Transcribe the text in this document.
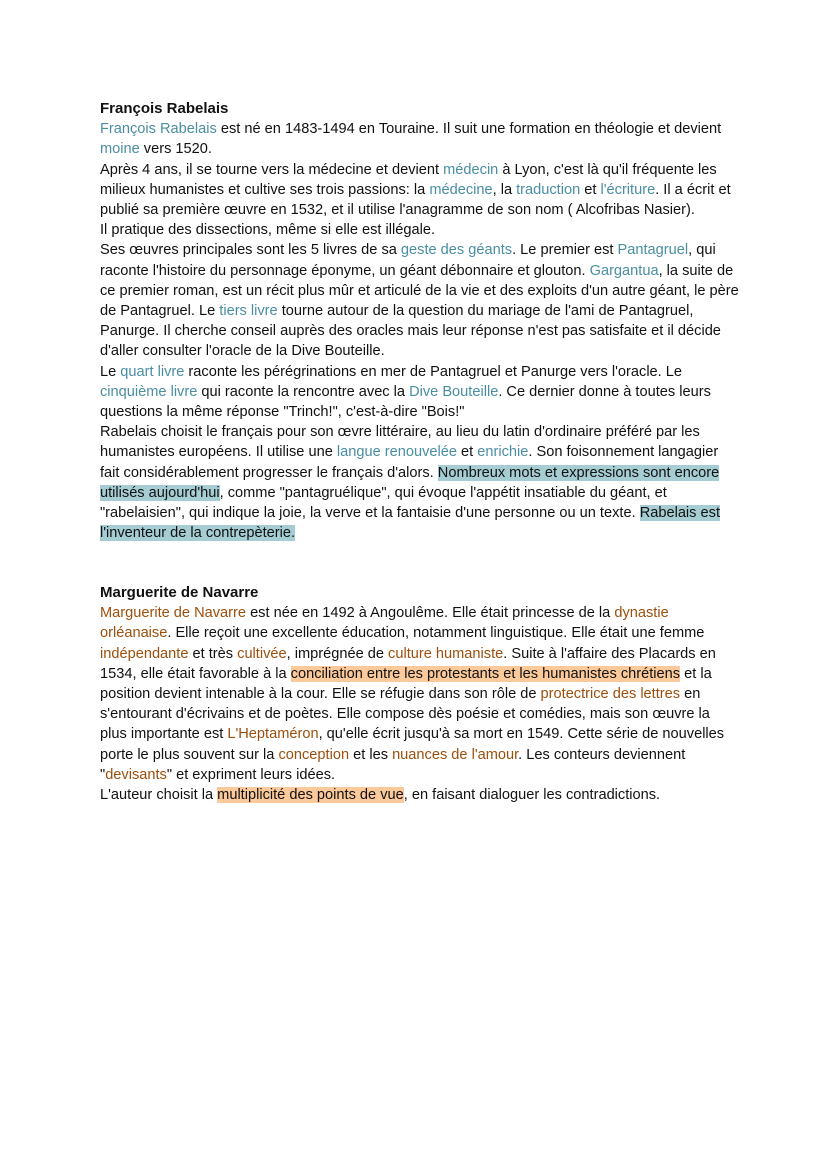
François Rabelais

François Rabelais est né en 1483-1494 en Touraine. Il suit une formation en théologie et devient moine vers 1520.

Après 4 ans, il se tourne vers la médecine et devient médecin à Lyon, c'est là qu'il fréquente les milieux humanistes et cultive ses trois passions: la médecine, la traduction et l'écriture. Il a écrit et publié sa première œuvre en 1532, et il utilise l'anagramme de son nom ( Alcofribas Nasier).

Il pratique des dissections, même si elle est illégale.

Ses œuvres principales sont les 5 livres de sa geste des géants. Le premier est Pantagruel, qui raconte l'histoire du personnage éponyme, un géant débonnaire et glouton. Gargantua, la suite de ce premier roman, est un récit plus mûr et articulé de la vie et des exploits d'un autre géant, le père de Pantagruel. Le tiers livre tourne autour de la question du mariage de l'ami de Pantagruel, Panurge. Il cherche conseil auprès des oracles mais leur réponse n'est pas satisfaite et il décide d'aller consulter l'oracle de la Dive Bouteille.

Le quart livre raconte les pérégrinations en mer de Pantagruel et Panurge vers l'oracle. Le cinquième livre qui raconte la rencontre avec la Dive Bouteille. Ce dernier donne à toutes leurs questions la même réponse "Trinch!", c'est-à-dire "Bois!"

Rabelais choisit le français pour son œvre littéraire, au lieu du latin d'ordinaire préféré par les humanistes européens. Il utilise une langue renouvelée et enrichie. Son foisonnement langagier fait considérablement progresser le français d'alors. Nombreux mots et expressions sont encore utilisés aujourd'hui, comme "pantagruélique", qui évoque l'appétit insatiable du géant, et "rabelaisien", qui indique la joie, la verve et la fantaisie d'une personne ou un texte. Rabelais est l'inventeur de la contrepèterie.

Marguerite de Navarre

Marguerite de Navarre est née en 1492 à Angoulême. Elle était princesse de la dynastie orléanaise. Elle reçoit une excellente éducation, notamment linguistique. Elle était une femme indépendante et très cultivée, imprégnée de culture humaniste. Suite à l'affaire des Placards en 1534, elle était favorable à la conciliation entre les protestants et les humanistes chrétiens et la position devient intenable à la cour. Elle se réfugie dans son rôle de protectrice des lettres en s'entourant d'écrivains et de poètes. Elle compose dès poésie et comédies, mais son œuvre la plus importante est L'Heptaméron, qu'elle écrit jusqu'à sa mort en 1549. Cette série de nouvelles porte le plus souvent sur la conception et les nuances de l'amour. Les conteurs deviennent "devisants" et expriment leurs idées.

L'auteur choisit la multiplicité des points de vue, en faisant dialoguer les contradictions.
